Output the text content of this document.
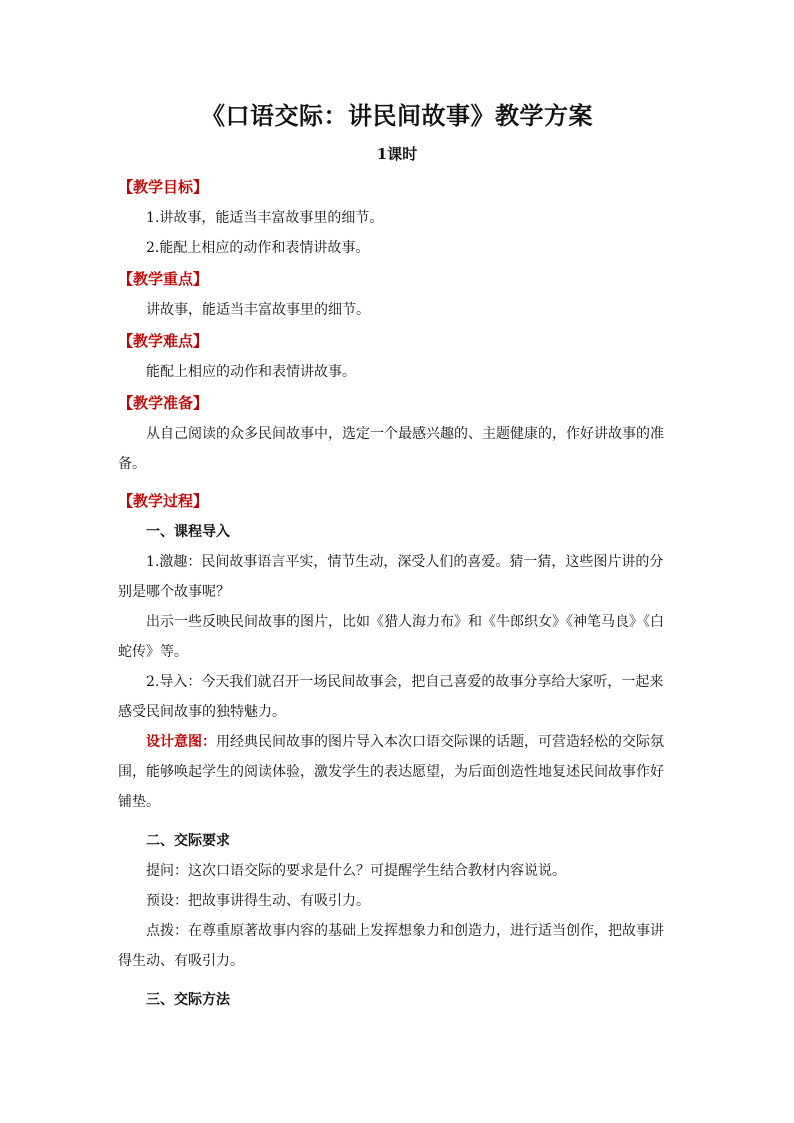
《口语交际：讲民间故事》教学方案
1课时
【教学目标】
1.讲故事，能适当丰富故事里的细节。
2.能配上相应的动作和表情讲故事。
【教学重点】
讲故事，能适当丰富故事里的细节。
【教学难点】
能配上相应的动作和表情讲故事。
【教学准备】
从自己阅读的众多民间故事中，选定一个最感兴趣的、主题健康的，作好讲故事的准备。
【教学过程】
一、课程导入
1.激趣：民间故事语言平实，情节生动，深受人们的喜爱。猜一猜，这些图片讲的分别是哪个故事呢？
出示一些反映民间故事的图片，比如《猎人海力布》和《牛郎织女》《神笔马良》《白蛇传》等。
2.导入：今天我们就召开一场民间故事会，把自己喜爱的故事分享给大家听，一起来感受民间故事的独特魅力。
设计意图：用经典民间故事的图片导入本次口语交际课的话题，可营造轻松的交际氛围，能够唤起学生的阅读体验，激发学生的表达愿望，为后面创造性地复述民间故事作好铺垫。
二、交际要求
提问：这次口语交际的要求是什么？可提醒学生结合教材内容说说。
预设：把故事讲得生动、有吸引力。
点拨：在尊重原著故事内容的基础上发挥想象力和创造力，进行适当创作，把故事讲得生动、有吸引力。
三、交际方法
